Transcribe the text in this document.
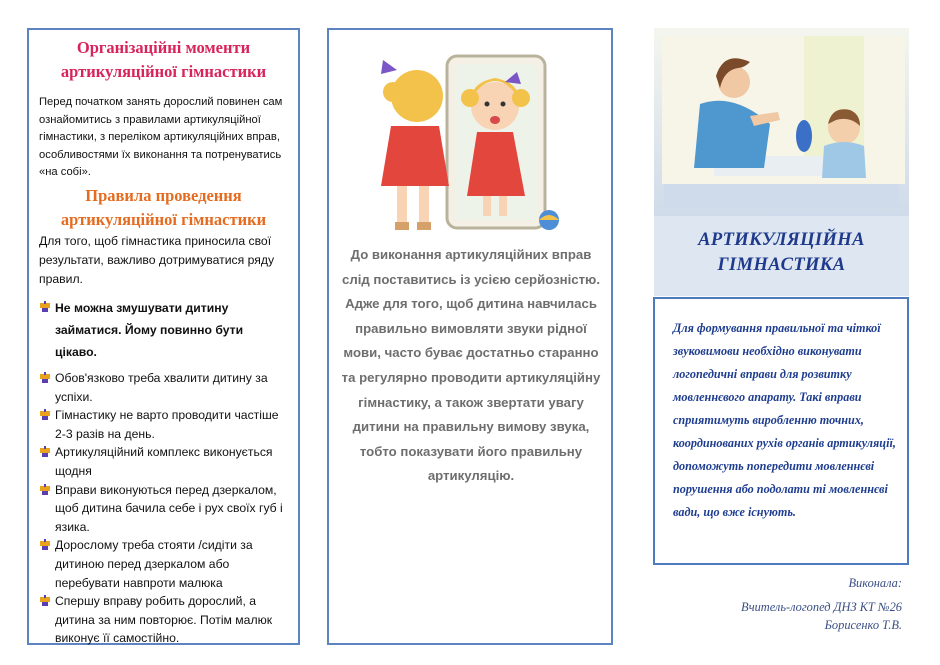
Організаційні моменти
артикуляційної гімнастики

Перед початком занять дорослий повинен сам ознайомитись з правилами артикуляційної гімнастики, з переліком артикуляційних вправ, особливостями їх виконання та потренуватись «на собі».

Правила проведення
артикуляційної гімнастики

Для того, щоб гімнастика приносила свої результати, важливо дотримуватися ряду правил.

Не можна змушувати дитину займатися. Йому повинно бути цікаво.
Обов'язково треба хвалити дитину за успіхи.
Гімнастику не варто проводити частіше 2-3 разів на день.
Артикуляційний комплекс виконується щодня
Вправи виконуються перед дзеркалом, щоб дитина бачила себе і рух своїх губ і язика.
Дорослому треба стояти /сидіти за дитиною перед дзеркалом або перебувати навпроти малюка
Спершу вправу робить дорослий, а дитина за ним повторює. Потім малюк виконує її самостійно.
До виконання артикуляційних вправ слід поставитись із усією серйозністю. Адже для того, щоб дитина навчилась правильно вимовляти звуки рідної мови, часто буває достатньо старанно та регулярно проводити артикуляційну гімнастику, а також звертати увагу дитини на правильну вимову звука, тобто показувати його правильну артикуляцію.
АРТИКУЛЯЦІЙНА
ГІМНАСТИКА

Для формування правильної та чіткої звуковимови необхідно виконувати логопедичні вправи для розвитку мовленнєвого апарату. Такі вправи сприятимуть виробленню точних, координованих рухів органів артикуляції, допоможуть попередити мовленнєві порушення або подолати ті мовленнєві вади, що вже існують.

Виконала:
Вчитель-логопед ДНЗ КТ №26
Борисенко Т.В.
